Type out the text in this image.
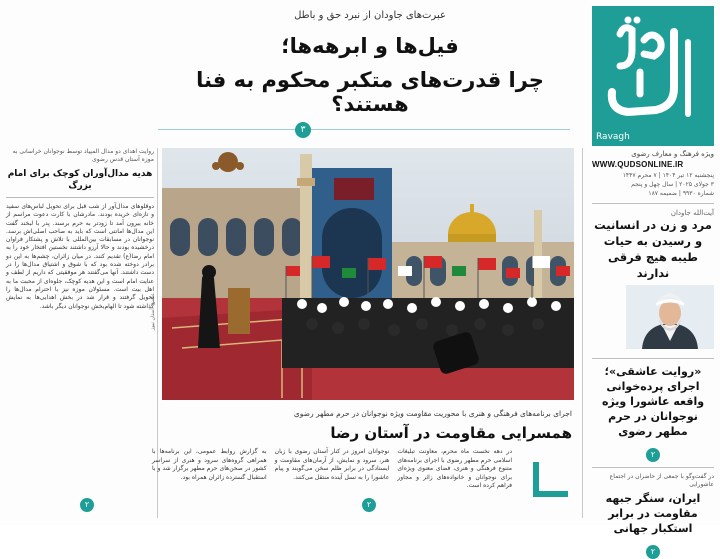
Ravagh
ویژه فرهنگ و معارف رضوی
WWW.QUDSONLINE.IR
پنجشنبه ۱۲ تیر ۱۴۰۴ | ۷ محرم ۱۴۴۷
۳ جولای ۲۰۲۵ | سال چهل و پنجم
شماره ۹۹۳۰ | ضمیمه ۱۸۷
آیت‌الله جاودان
مرد و زن در انسانیت و رسیدن به حیات طیبه هیچ فرقی ندارند
«روایت عاشقی»؛ اجرای پرده‌خوانی واقعه عاشورا ویژه نوجوانان در حرم مطهر رضوی
۲
در گفت‌وگو با جمعی از حاضران در اجتماع عاشورایی
ایران، سنگر جبهه مقاومت در برابر استکبار جهانی
۲
عبرت‌های جاودان از نبرد حق و باطل
فیل‌ها و ابرهه‌ها؛
چرا قدرت‌های متکبر محکوم به فنا هستند؟
۳
عکس: آستان نیوز
اجرای برنامه‌های فرهنگی و هنری با محوریت مقاومت ویژه نوجوانان در حرم مطهر رضوی
همسرایی مقاومت در آستان رضا

در دهه نخست ماه محرم، معاونت تبلیغات اسلامی حرم مطهر رضوی با اجرای برنامه‌های متنوع فرهنگی و هنری، فضای معنوی ویژه‌ای برای نوجوانان و خانواده‌های زائر و مجاور فراهم کرده است.

نوجوانان امروز در کنار آستان رضوی با زبان هنر، سرود و نمایش، از آرمان‌های مقاومت و ایستادگی در برابر ظلم سخن می‌گویند و پیام عاشورا را به نسل آینده منتقل می‌کنند.

به گزارش روابط عمومی، این برنامه‌ها با همراهی گروه‌های سرود و هنری از سراسر کشور در صحن‌های حرم مطهر برگزار شد و با استقبال گسترده زائران همراه بود.

۲
روایت اهدای دو مدال المپیاد توسط نوجوانان خراسانی به موزه آستان قدس رضوی
هدیه مدال‌آوران کوچک برای امام بزرگ
دوقلوهای مدال‌آور از شب قبل برای تحویل لباس‌های سفید و تازه‌ای خریده بودند. مادرشان با کارت دعوت مراسم از خانه بیرون آمد تا زودتر به حرم برسند. پدر با لبخند گفت این مدال‌ها امانتی است که باید به صاحب اصلی‌اش برسد. نوجوانان در مسابقات بین‌المللی با تلاش و پشتکار فراوان درخشیده بودند و حالا آرزو داشتند نخستین افتخار خود را به امام رضا(ع) تقدیم کنند. در میان زائران، چشم‌ها به این دو برادر دوخته شده بود که با شوق و اشتیاق مدال‌ها را در دست داشتند. آنها می‌گفتند هر موفقیتی که داریم از لطف و عنایت امام است و این هدیه کوچک، جلوه‌ای از محبت ما به اهل بیت است. مسئولان موزه نیز با احترام مدال‌ها را تحویل گرفتند و قرار شد در بخش اهدایی‌ها به نمایش گذاشته شود تا الهام‌بخش نوجوانان دیگر باشد.
۲
